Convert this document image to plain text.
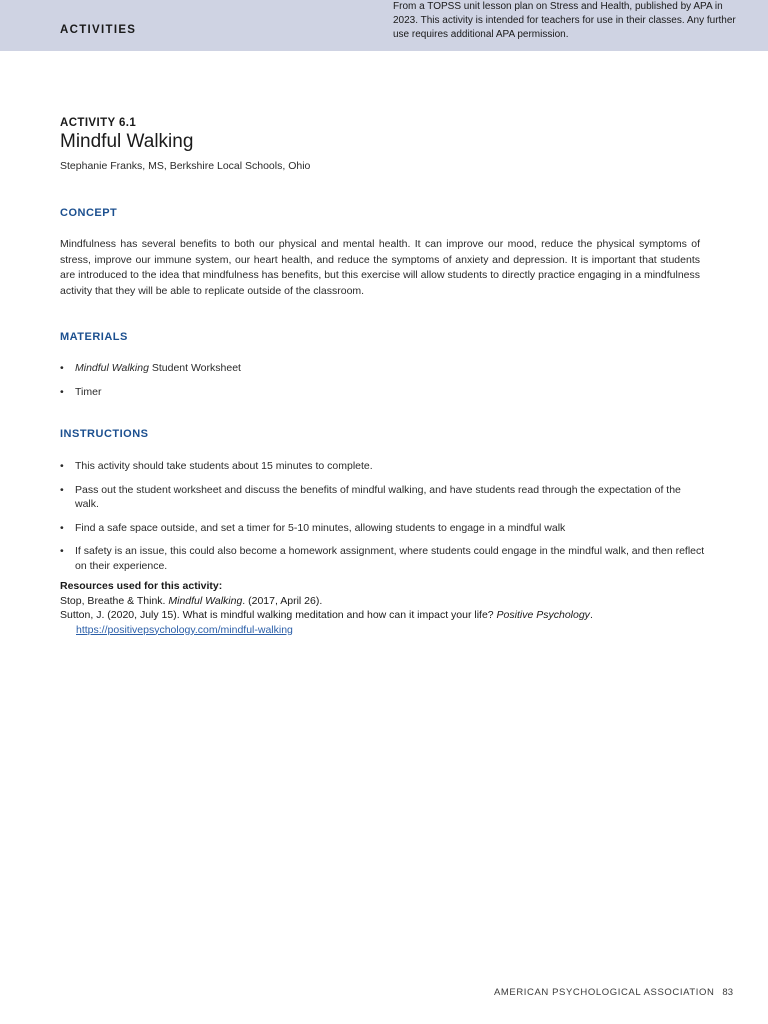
ACTIVITIES
From a TOPSS unit lesson plan on Stress and Health, published by APA in 2023. This activity is intended for teachers for use in their classes. Any further use requires additional APA permission.
ACTIVITY 6.1
Mindful Walking
Stephanie Franks, MS, Berkshire Local Schools, Ohio
CONCEPT
Mindfulness has several benefits to both our physical and mental health. It can improve our mood, reduce the physical symptoms of stress, improve our immune system, our heart health, and reduce the symptoms of anxiety and depression. It is important that students are introduced to the idea that mindfulness has benefits, but this exercise will allow students to directly practice engaging in a mindfulness activity that they will be able to replicate outside of the classroom.
MATERIALS
• Mindful Walking Student Worksheet
• Timer
INSTRUCTIONS
• This activity should take students about 15 minutes to complete.
• Pass out the student worksheet and discuss the benefits of mindful walking, and have students read through the expectation of the walk.
• Find a safe space outside, and set a timer for 5-10 minutes, allowing students to engage in a mindful walk
• If safety is an issue, this could also become a homework assignment, where students could engage in the mindful walk, and then reflect on their experience.
Resources used for this activity:
Stop, Breathe & Think. Mindful Walking. (2017, April 26).
Sutton, J. (2020, July 15). What is mindful walking meditation and how can it impact your life? Positive Psychology.
https://positivepsychology.com/mindful-walking
AMERICAN PSYCHOLOGICAL ASSOCIATION 83
